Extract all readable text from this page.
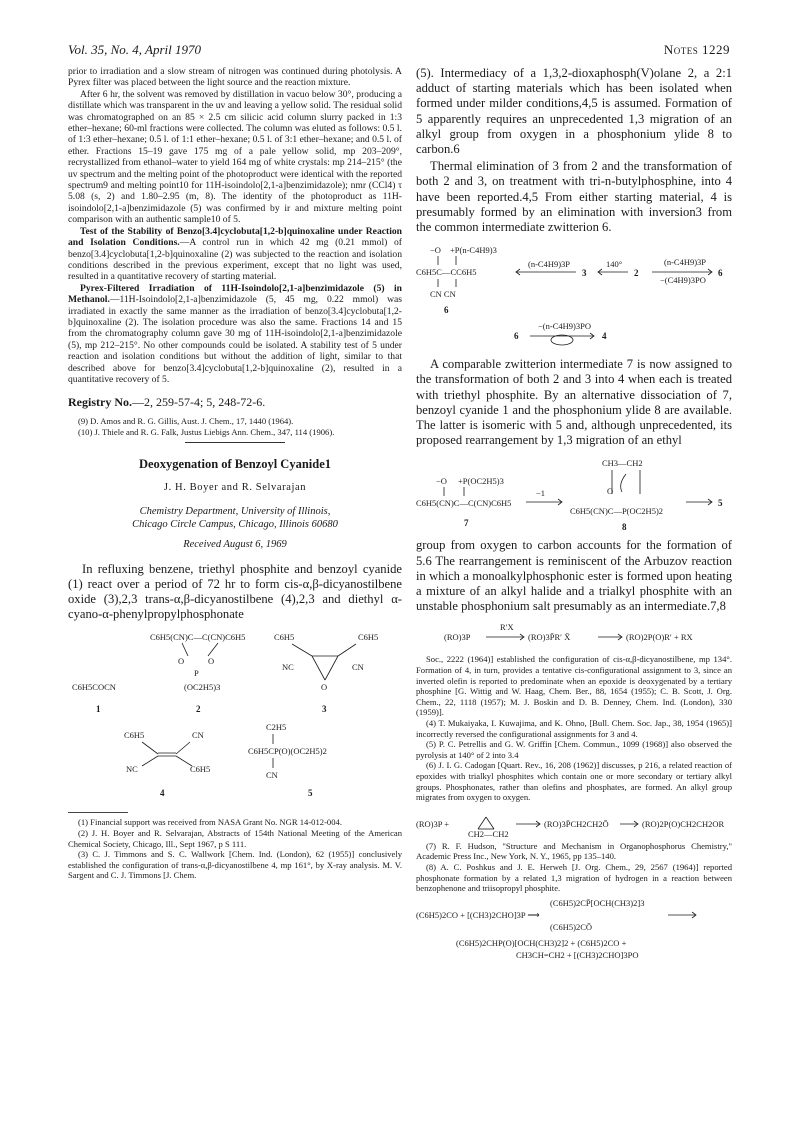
Vol. 35, No. 4, April 1970	Notes 1229

prior to irradiation and a slow stream of nitrogen was continued during photolysis. A Pyrex filter was placed between the light source and the reaction mixture.

After 6 hr, the solvent was removed by distillation in vacuo below 30°, producing a distillate which was transparent in the uv and leaving a yellow solid. The residual solid was chromatographed on an 85 × 2.5 cm silicic acid column slurry packed in 1:3 ether–hexane; 60-ml fractions were collected. The column was eluted as follows: 0.5 l. of 1:3 ether–hexane; 0.5 l. of 1:1 ether–hexane; 0.5 l. of 3:1 ether–hexane; and 0.5 l. of ether. Fractions 15–19 gave 175 mg of a pale yellow solid, mp 203–209°, recrystallized from ethanol–water to yield 164 mg of white crystals: mp 214–215° (the uv spectrum and the melting point of the photoproduct were identical with the reported spectrum9 and melting point10 for 11H-isoindolo[2,1-a]benzimidazole); nmr (CCl4) τ 5.08 (s, 2) and 1.80–2.95 (m, 8). The identity of the photoproduct as 11H-isoindolo[2,1-a]benzimidazole (5) was confirmed by ir and mixture melting point comparison with an authentic sample10 of 5.

Test of the Stability of Benzo[3.4]cyclobuta[1,2-b]quinoxaline under Reaction and Isolation Conditions.—A control run in which 42 mg (0.21 mmol) of benzo[3.4]cyclobuta[1,2-b]quinoxaline (2) was subjected to the reaction and isolation conditions described in the previous experiment, except that no light was used, resulted in a quantitative recovery of starting material.

Pyrex-Filtered Irradiation of 11H-Isoindolo[2,1-a]benzimidazole (5) in Methanol.—11H-Isoindolo[2,1-a]benzimidazole (5, 45 mg, 0.22 mmol) was irradiated in exactly the same manner as the irradiation of benzo[3.4]cyclobuta[1,2-b]quinoxaline (2). The isolation procedure was also the same. Fractions 14 and 15 from the chromatography column gave 30 mg of 11H-isoindolo[2,1-a]benzimidazole (5), mp 212–215°. No other compounds could be isolated. A stability test of 5 under reaction and isolation conditions but without the addition of light, similar to that described above for benzo[3.4]cyclobuta[1,2-b]quinoxaline (2), resulted in a quantitative recovery of 5.

Registry No.—2, 259-57-4; 5, 248-72-6.

(9) D. Amos and R. G. Gillis, Aust. J. Chem., 17, 1440 (1964).

(10) J. Thiele and R. G. Falk, Justus Liebigs Ann. Chem., 347, 114 (1906).

Deoxygenation of Benzoyl Cyanide1
J. H. Boyer and R. Selvarajan
Chemistry Department, University of Illinois,
Chicago Circle Campus, Chicago, Illinois 60680
Received August 6, 1969

In refluxing benzene, triethyl phosphite and benzoyl cyanide (1) react over a period of 72 hr to form cis-α,β-dicyanostilbene oxide (3),2,3 trans-α,β-dicyanostilbene (4),2,3 and diethyl α-cyano-α-phenylpropylphosphonate

C6H5COCN
1
C6H5(CN)C—C(CN)C6H5
O	O
P
(OC2H5)3
2
C6H5	C6H5
NC	CN
O
3
C6H5	CN
NC	C6H5
4
C2H5
C6H5CP(O)(OC2H5)2
CN
5

(1) Financial support was received from NASA Grant No. NGR 14-012-004.

(2) J. H. Boyer and R. Selvarajan, Abstracts of 154th National Meeting of the American Chemical Society, Chicago, Ill., Sept 1967, p S 111.

(3) C. J. Timmons and S. C. Wallwork [Chem. Ind. (London), 62 (1955)] conclusively established the configuration of trans-α,β-dicyanostilbene 4, mp 161°, by X-ray analysis. M. V. Sargent and C. J. Timmons [J. Chem.

(5). Intermediacy of a 1,3,2-dioxaphosph(V)olane 2, a 2:1 adduct of starting materials which has been isolated when formed under milder conditions,4,5 is assumed. Formation of 5 apparently requires an unprecedented 1,3 migration of an alkyl group from oxygen in a phosphonium ylide 8 to carbon.6

Thermal elimination of 3 from 2 and the transformation of both 2 and 3, on treatment with tri-n-butylphosphine, into 4 have been reported.4,5 From either starting material, 4 is presumably formed by an elimination with inversion3 from the common intermediate zwitterion 6.

−O +P(n-C4H9)3
C6H5C—CC6H5
CN CN
6
(n-C4H9)3P
3
140°
2
(n-C4H9)3P
−(C4H9)3PO
6
6
−(n-C4H9)3PO
4

A comparable zwitterion intermediate 7 is now assigned to the transformation of both 2 and 3 into 4 when each is treated with triethyl phosphite. By an alternative dissociation of 7, benzoyl cyanide 1 and the phosphonium ylide 8 are available. The latter is isomeric with 5 and, although unprecedented, its proposed rearrangement by 1,3 migration of an ethyl

CH3—CH2
−O +P(OC2H5)3
C6H5(CN)C—C(CN)C6H5
7
−1	O
C6H5(CN)C—P(OC2H5)2
8
5

group from oxygen to carbon accounts for the formation of 5.6 The rearrangement is reminiscent of the Arbuzov reaction in which a monoalkylphosphonic ester is formed upon heating a mixture of an alkyl halide and a trialkyl phosphite with an unstable phosphonium salt presumably as an intermediate.7,8

(RO)3P
R′X
(RO)3P̄R′ X̄	(RO)2P(O)R′ + RX

Soc., 2222 (1964)] established the configuration of cis-α,β-dicyanostilbene, mp 134°. Formation of 4, in turn, provides a tentative cis-configurational assignment to 3, since an inverted olefin is reported to predominate when an epoxide is deoxygenated by a tertiary phosphine [G. Wittig and W. Haag, Chem. Ber., 88, 1654 (1955); C. B. Scott, J. Org. Chem., 22, 1118 (1957); M. J. Boskin and D. B. Denney, Chem. Ind. (London), 330 (1959)].

(4) T. Mukaiyaka, I. Kuwajima, and K. Ohno, [Bull. Chem. Soc. Jap., 38, 1954 (1965)] incorrectly reversed the configurational assignments for 3 and 4.

(5) P. C. Petrellis and G. W. Griffin [Chem. Commun., 1099 (1968)] also observed the pyrolysis at 140° of 2 into 3.4

(6) J. I. G. Cadogan [Quart. Rev., 16, 208 (1962)] discusses, p 216, a related reaction of epoxides with trialkyl phosphites which contain one or more secondary or tertiary alkyl groups. Phosphonates, rather than olefins and phosphates, are formed. An alkyl group migrates from oxygen to oxygen.

(RO)3P +
CH2—CH2
(RO)3P̄CH2CH2Ō	(RO)2P(O)CH2CH2OR

(7) R. F. Hudson, "Structure and Mechanism in Organophosphorus Chemistry," Academic Press Inc., New York, N. Y., 1965, pp 135–140.

(8) A. C. Poshkus and J. E. Herweh [J. Org. Chem., 29, 2567 (1964)] reported phosphonate formation by a related 1,3 migration of hydrogen in a reaction between benzophenone and triisopropyl phosphite.

(C6H5)2CP̄[OCH(CH3)2]3
(C6H5)2CO + [(CH3)2CHO]3P ⟶
(C6H5)2CŌ
(C6H5)2CHP(O)[OCH(CH3)2]2 + (C6H5)2CO +
CH3CH=CH2 + [(CH3)2CHO]3PO
